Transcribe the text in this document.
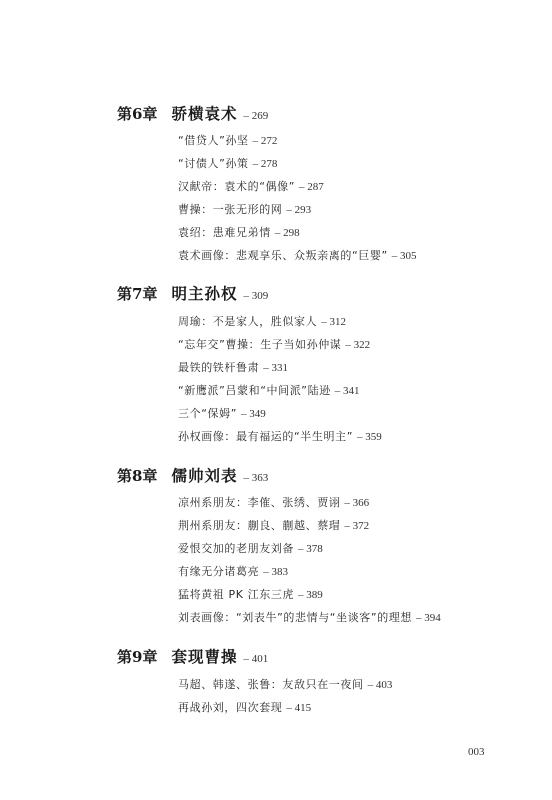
第6章 骄横袁术 – 269
“借贷人”孙坚 – 272
“讨债人”孙策 – 278
汉献帝：袁术的“偶像” – 287
曹操：一张无形的网 – 293
袁绍：患难兄弟情 – 298
袁术画像：悲观享乐、众叛亲离的“巨婴” – 305
第7章 明主孙权 – 309
周瑜：不是家人，胜似家人 – 312
“忘年交”曹操：生子当如孙仲谋 – 322
最铁的铁杆鲁肃 – 331
“新鹰派”吕蒙和“中间派”陆逊 – 341
三个“保姆” – 349
孙权画像：最有福运的“半生明主” – 359
第8章 儒帅刘表 – 363
凉州系朋友：李傕、张绣、贾诩 – 366
荆州系朋友：蒯良、蒯越、蔡瑁 – 372
爱恨交加的老朋友刘备 – 378
有缘无分诸葛亮 – 383
猛将黄祖 PK 江东三虎 – 389
刘表画像：“刘表牛”的悲情与“坐谈客”的理想 – 394
第9章 套现曹操 – 401
马超、韩遂、张鲁：友敌只在一夜间 – 403
再战孙刘，四次套现 – 415
003
